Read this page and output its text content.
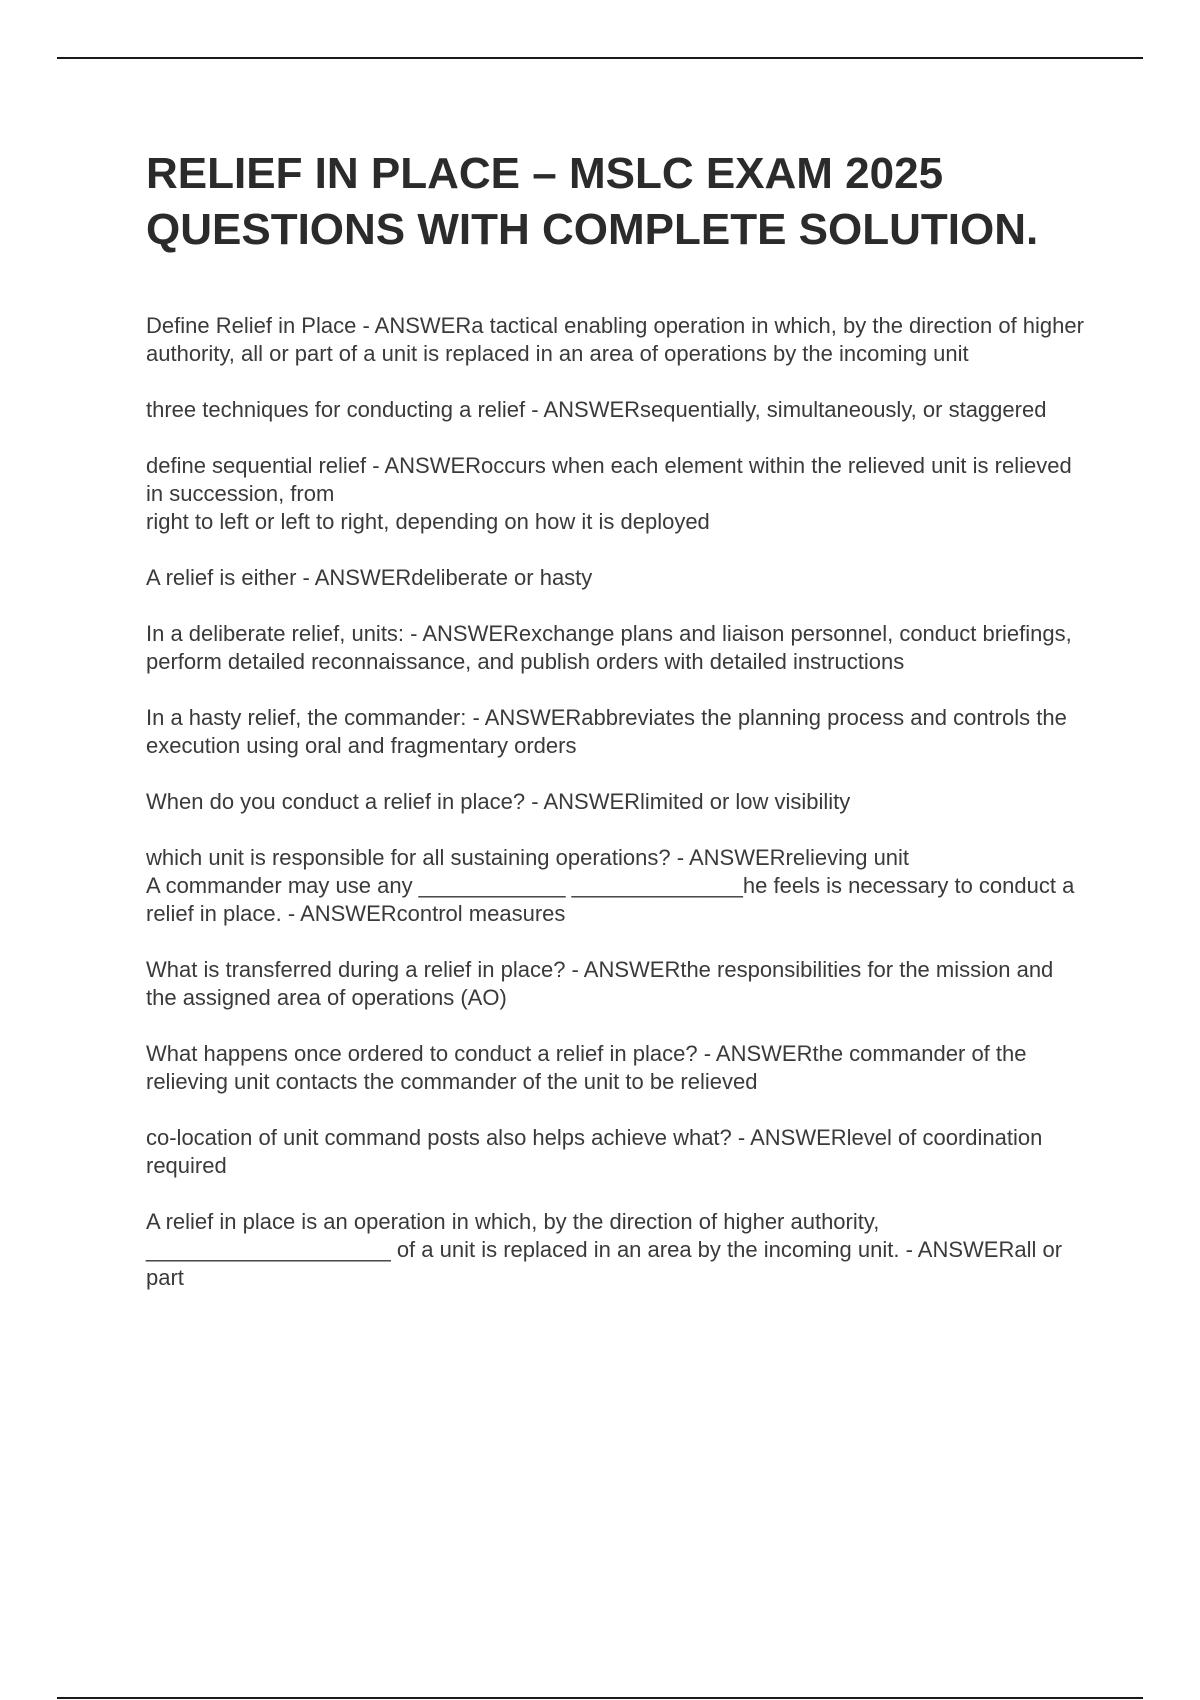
RELIEF IN PLACE – MSLC EXAM 2025 QUESTIONS WITH COMPLETE SOLUTION.

Define Relief in Place - ANSWERa tactical enabling operation in which, by the direction of higher authority, all or part of a unit is replaced in an area of operations by the incoming unit

three techniques for conducting a relief - ANSWERsequentially, simultaneously, or staggered

define sequential relief - ANSWERoccurs when each element within the relieved unit is relieved in succession, from
right to left or left to right, depending on how it is deployed

A relief is either - ANSWERdeliberate or hasty

In a deliberate relief, units: - ANSWERexchange plans and liaison personnel, conduct briefings, perform detailed reconnaissance, and publish orders with detailed instructions

In a hasty relief, the commander: - ANSWERabbreviates the planning process and controls the execution using oral and fragmentary orders

When do you conduct a relief in place? - ANSWERlimited or low visibility

which unit is responsible for all sustaining operations? - ANSWERrelieving unit

A commander may use any ____________ ______________he feels is necessary to conduct a relief in place. - ANSWERcontrol measures

What is transferred during a relief in place? - ANSWERthe responsibilities for the mission and the assigned area of operations (AO)

What happens once ordered to conduct a relief in place? - ANSWERthe commander of the relieving unit contacts the commander of the unit to be relieved

co-location of unit command posts also helps achieve what? - ANSWERlevel of coordination required

A relief in place is an operation in which, by the direction of higher authority, ____________________ of a unit is replaced in an area by the incoming unit. - ANSWERall or part
